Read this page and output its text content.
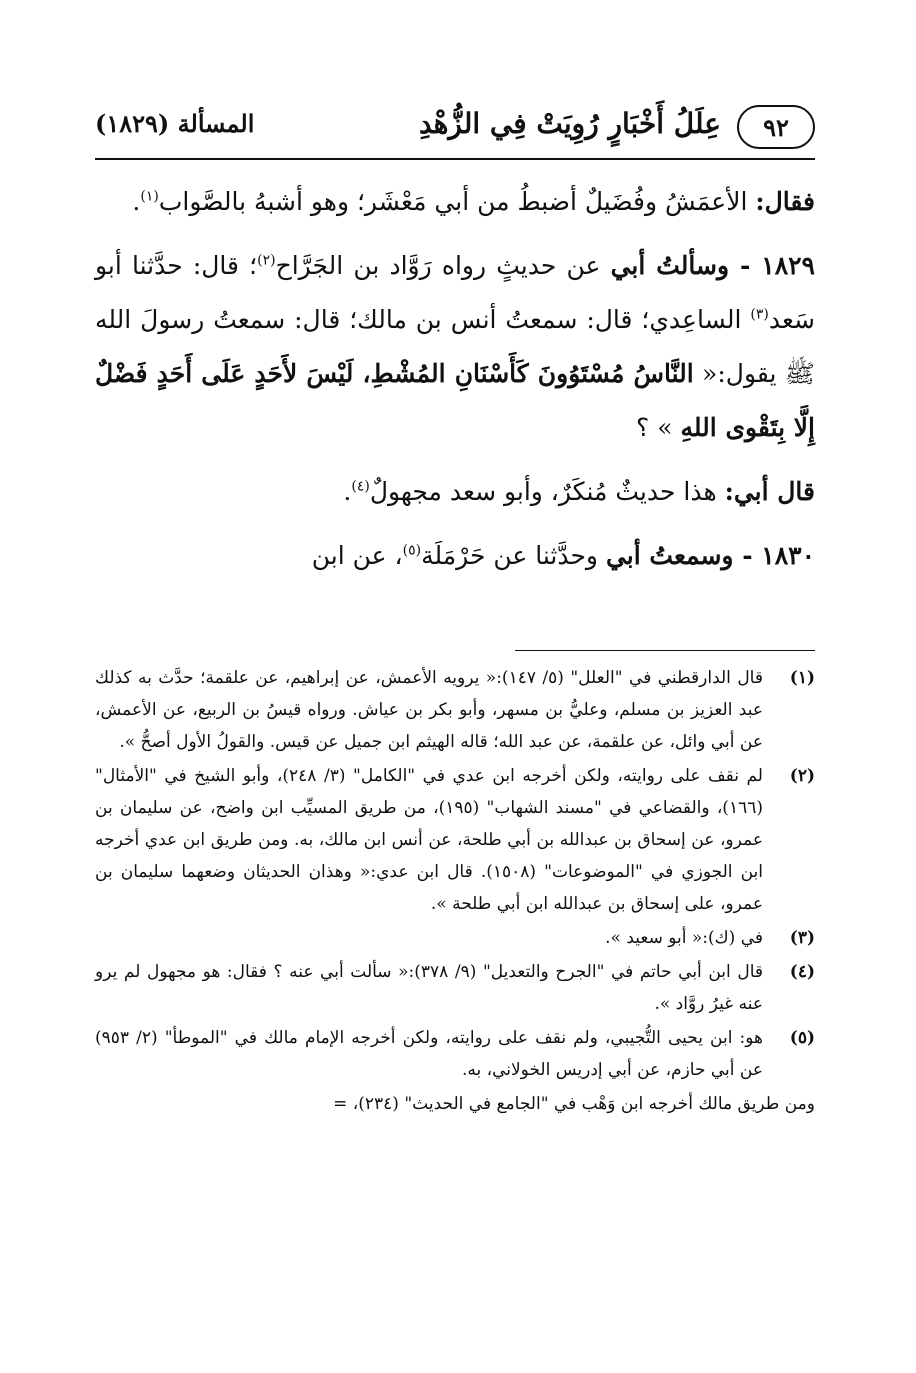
٩٢
عِلَلُ أَخْبَارٍ رُوِيَتْ فِي الزُّهْدِ
المسألة (١٨٢٩)

فقال: الأعمَشُ وفُضَيلٌ أضبطُ من أبي مَعْشَر؛ وهو أشبهُ بالصَّواب$^{(١)}$.

١٨٢٩ - وسألتُ أبي عن حديثٍ رواه رَوَّاد بن الجَرَّاح$^{(٢)}$؛ قال: حدَّثنا أبو سَعد$^{(٣)}$ الساعِدي؛ قال: سمعتُ أنس بن مالك؛ قال: سمعتُ رسولَ الله ﷺ يقول:« النَّاسُ مُسْتَوُونَ كَأَسْنَانِ المُشْطِ، لَيْسَ لأَحَدٍ عَلَى أَحَدٍ فَضْلٌ إِلَّا بِتَقْوى اللهِ » ؟

قال أبي: هذا حديثٌ مُنكَرٌ، وأبو سعد مجهولٌ$^{(٤)}$.

١٨٣٠ - وسمعتُ أبي وحدَّثنا عن حَرْمَلَة$^{(٥)}$، عن ابن

(١)
قال الدارقطني في "العلل" (٥/ ١٤٧):« يرويه الأعمش، عن إبراهيم، عن علقمة؛ حدَّث به كذلك عبد العزيز بن مسلم، وعليُّ بن مسهر، وأبو بكر بن عياش. ورواه قيسُ بن الربيع، عن الأعمش، عن أبي وائل، عن علقمة، عن عبد الله؛ قاله الهيثم ابن جميل عن قيس. والقولُ الأول أصحُّ ».
(٢)
لم نقف على روايته، ولكن أخرجه ابن عدي في "الكامل" (٣/ ٢٤٨)، وأبو الشيخ في "الأمثال" (١٦٦)، والقضاعي في "مسند الشهاب" (١٩٥)، من طريق المسيِّب ابن واضح، عن سليمان بن عمرو، عن إسحاق بن عبدالله بن أبي طلحة، عن أنس ابن مالك، به. ومن طريق ابن عدي أخرجه ابن الجوزي في "الموضوعات" (١٥٠٨). قال ابن عدي:« وهذان الحديثان وضعهما سليمان بن عمرو، على إسحاق بن عبدالله ابن أبي طلحة ».
(٣)
في (ك):« أبو سعيد ».
(٤)
قال ابن أبي حاتم في "الجرح والتعديل" (٩/ ٣٧٨):« سألت أبي عنه ؟ فقال: هو مجهول لم يرو عنه غيرُ روَّاد ».
(٥)
هو: ابن يحيى التُّجيبي، ولم نقف على روايته، ولكن أخرجه الإمام مالك في "الموطأ" (٢/ ٩٥٣) عن أبي حازم، عن أبي إدريس الخولاني، به.
ومن طريق مالك أخرجه ابن وَهْب في "الجامع في الحديث" (٢٣٤)، =
